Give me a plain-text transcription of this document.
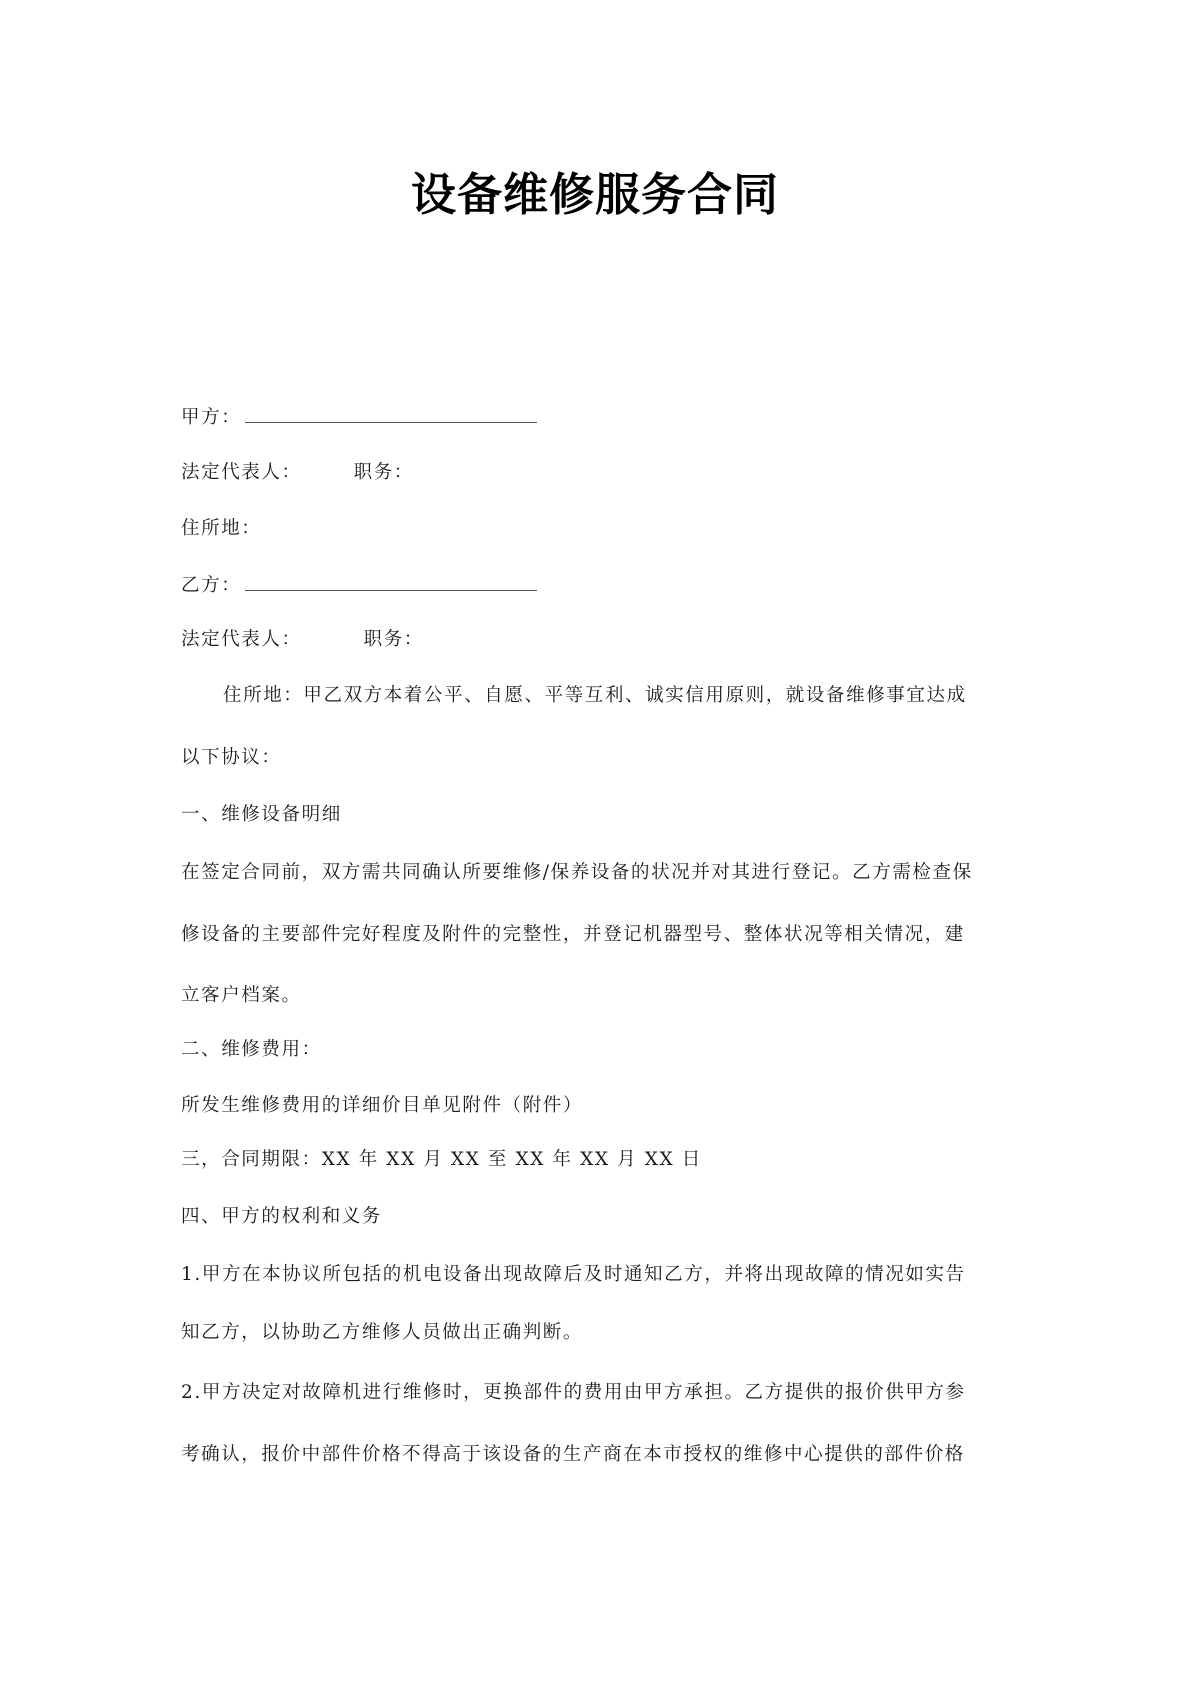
设备维修服务合同
甲方：
法定代表人：	职务：
住所地：
乙方：
法定代表人：	职务：
住所地：甲乙双方本着公平、自愿、平等互利、诚实信用原则，就设备维修事宜达成
以下协议：
一、维修设备明细
在签定合同前，双方需共同确认所要维修/保养设备的状况并对其进行登记。乙方需检查保
修设备的主要部件完好程度及附件的完整性，并登记机器型号、整体状况等相关情况，建
立客户档案。
二、维修费用：
所发生维修费用的详细价目单见附件（附件）
三，合同期限：XX 年 XX 月 XX 至 XX 年 XX 月 XX 日
四、甲方的权利和义务
1.甲方在本协议所包括的机电设备出现故障后及时通知乙方，并将出现故障的情况如实告
知乙方，以协助乙方维修人员做出正确判断。
2.甲方决定对故障机进行维修时，更换部件的费用由甲方承担。乙方提供的报价供甲方参
考确认，报价中部件价格不得高于该设备的生产商在本市授权的维修中心提供的部件价格
